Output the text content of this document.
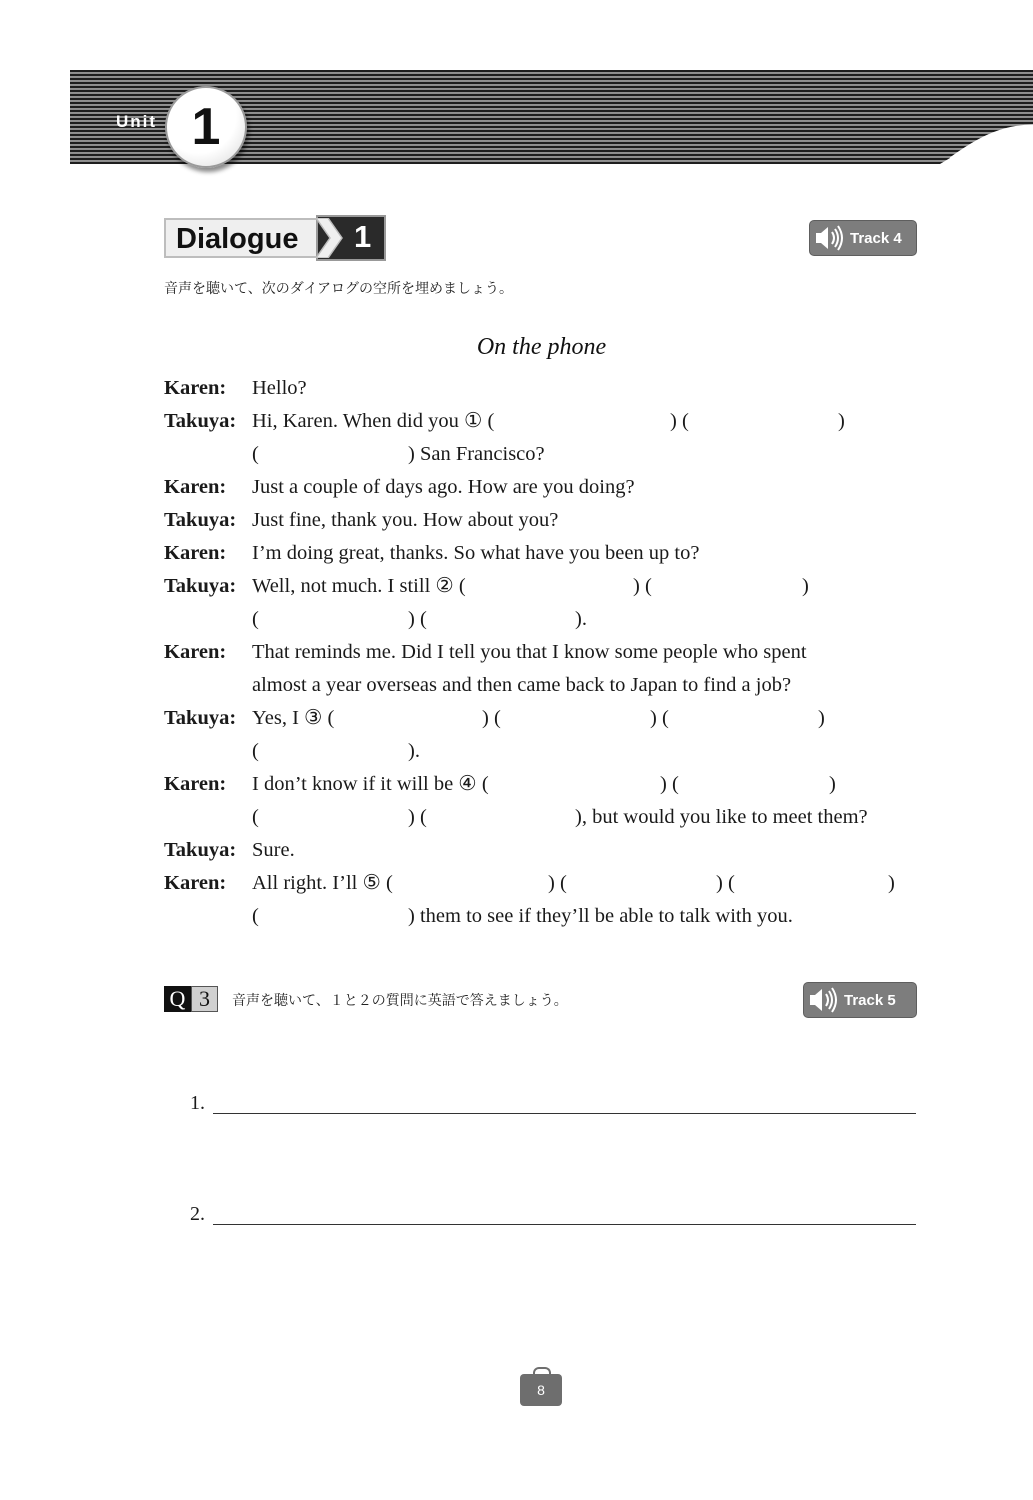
Unit 1
Dialogue	1	Track 4
音声を聴いて、次のダイアログの空所を埋めましょう。
On the phone
Karen: Hello?
Takuya: Hi, Karen. When did you ① (	) (	)
(	) San Francisco?
Karen: Just a couple of days ago. How are you doing?
Takuya: Just fine, thank you. How about you?
Karen: I’m doing great, thanks. So what have you been up to?
Takuya: Well, not much. I still ② (	) (	)
(	) (	).
Karen: That reminds me. Did I tell you that I know some people who spent
almost a year overseas and then came back to Japan to find a job?
Takuya: Yes, I ③ (	) (	) (	)
(	).
Karen: I don’t know if it will be ④ (	) (	)
(	) (	), but would you like to meet them?
Takuya: Sure.
Karen: All right. I’ll ⑤ (	) (	) (	)
(	) them to see if they’ll be able to talk with you.
Q 3	音声を聴いて、１と２の質問に英語で答えましょう。	Track 5
1.
2.
8
